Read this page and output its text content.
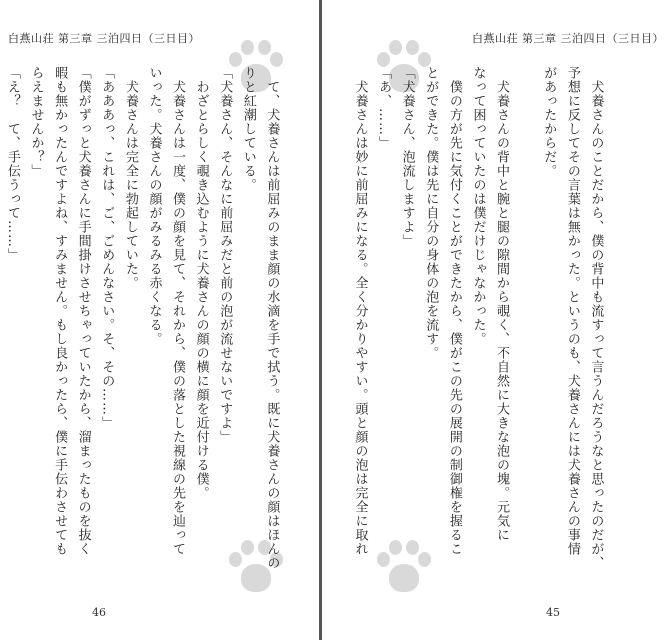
白燕山荘 第三章 三泊四日（三日目）

　て、犬養さんは前屈みのまま顔の水滴を手で拭う。既に犬養さんの顔はほんの
りと紅潮している。
「犬養さん、そんなに前屈みだと前の泡が流せないですよ」
　わざとらしく覗き込むように犬養さんの顔の横に顔を近付ける僕。
　犬養さんは一度、僕の顔を見て、それから、僕の落とした視線の先を辿って
いった。犬養さんの顔がみるみる赤くなる。
　犬養さんは完全に勃起していた。
「あああっ、これは、ご、ごめんなさい。そ、その……」
「僕がずっと犬養さんに手間掛けさせちゃっていたから、溜まったものを抜く
暇も無かったんですよね、すみません。もし良かったら、僕に手伝わさせても
らえませんか？」
「え？　て、手伝うって……」
46
白燕山荘 第三章 三泊四日（三日目）

　犬養さんのことだから、僕の背中も流すって言うんだろうなと思ったのだが、
予想に反してその言葉は無かった。というのも、犬養さんには犬養さんの事情
があったからだ。

　犬養さんの背中と腕と腿の隙間から覗く、不自然に大きな泡の塊。元気に
なって困っていたのは僕だけじゃなかった。
　僕の方が先に気付くことができたから、僕がこの先の展開の制御権を握るこ
とができた。僕は先に自分の身体の泡を流す。
「犬養さん、泡流しますよ」
「あ、……」
　犬養さんは妙に前屈みになる。全く分かりやすい。頭と顔の泡は完全に取れ
45
